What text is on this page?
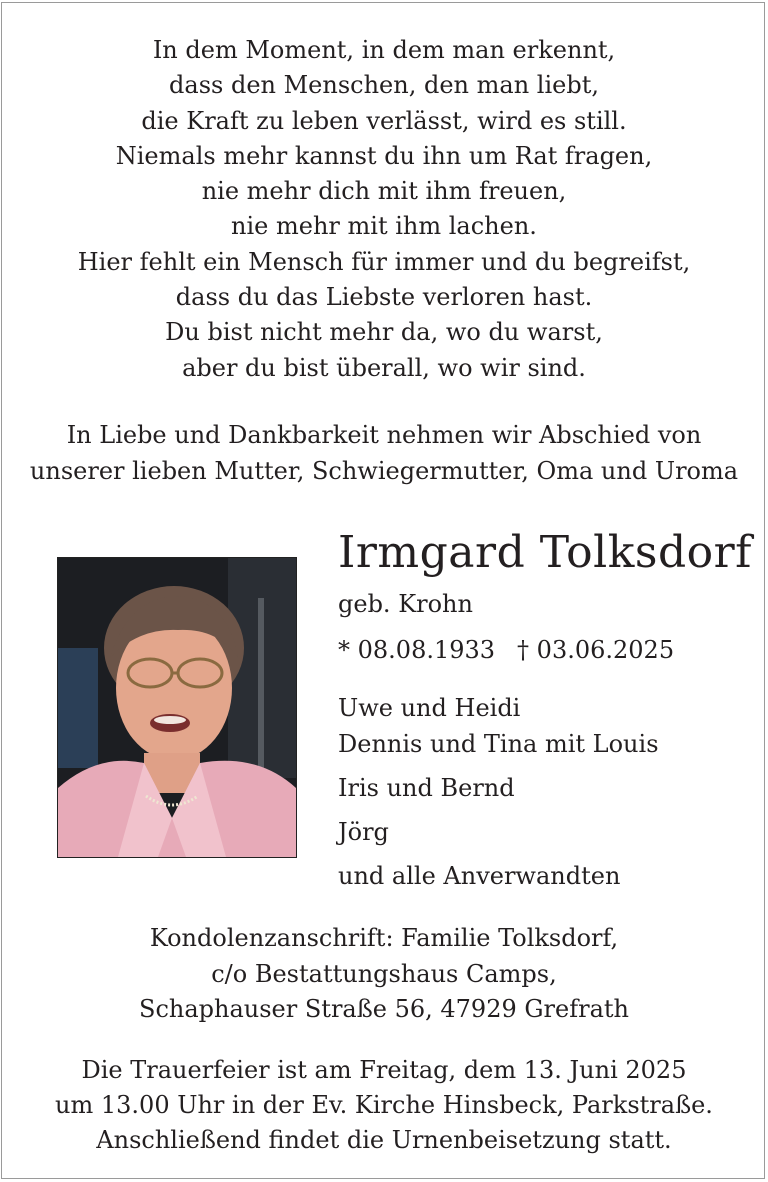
In dem Moment, in dem man erkennt,
dass den Menschen, den man liebt,
die Kraft zu leben verlässt, wird es still.
Niemals mehr kannst du ihn um Rat fragen,
nie mehr dich mit ihm freuen,
nie mehr mit ihm lachen.
Hier fehlt ein Mensch für immer und du begreifst,
dass du das Liebste verloren hast.
Du bist nicht mehr da, wo du warst,
aber du bist überall, wo wir sind.
In Liebe und Dankbarkeit nehmen wir Abschied von
unserer lieben Mutter, Schwiegermutter, Oma und Uroma
Irmgard Tolksdorf
geb. Krohn
* 08.08.1933 † 03.06.2025
Uwe und Heidi
Dennis und Tina mit Louis
Iris und Bernd
Jörg
und alle Anverwandten
Kondolenzanschrift: Familie Tolksdorf,
c/o Bestattungshaus Camps,
Schaphauser Straße 56, 47929 Grefrath
Die Trauerfeier ist am Freitag, dem 13. Juni 2025
um 13.00 Uhr in der Ev. Kirche Hinsbeck, Parkstraße.
Anschließend findet die Urnenbeisetzung statt.
